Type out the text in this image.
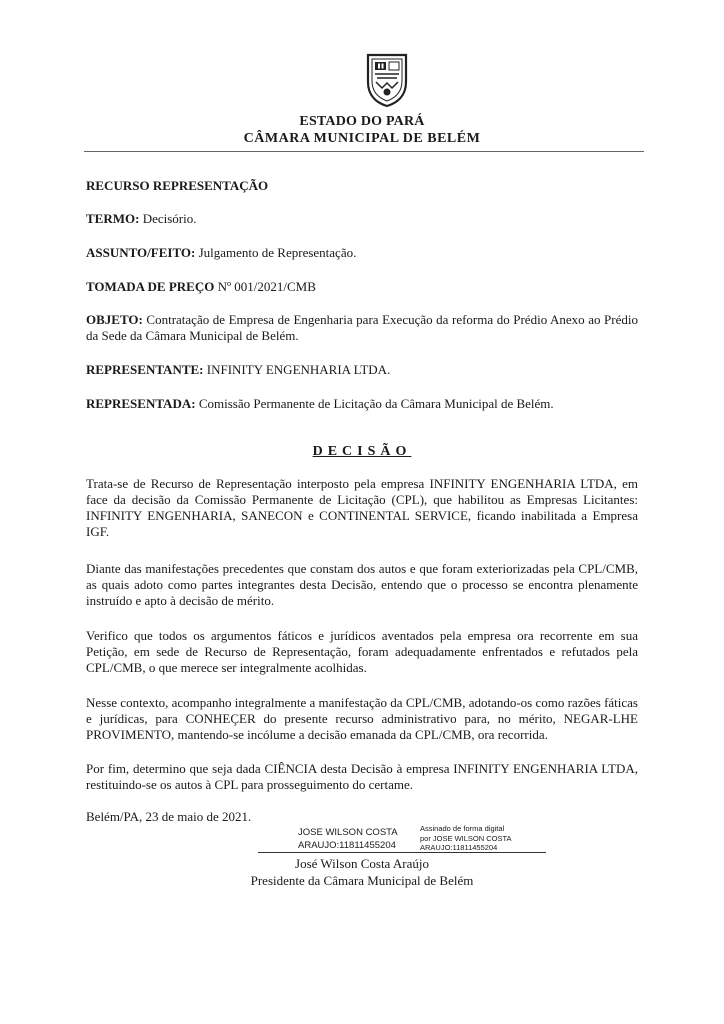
ESTADO DO PARÁ
CÂMARA MUNICIPAL DE BELÉM
RECURSO REPRESENTAÇÃO
TERMO: Decisório.
ASSUNTO/FEITO: Julgamento de Representação.
TOMADA DE PREÇO Nº 001/2021/CMB
OBJETO: Contratação de Empresa de Engenharia para Execução da reforma do Prédio Anexo ao Prédio da Sede da Câmara Municipal de Belém.
REPRESENTANTE: INFINITY ENGENHARIA LTDA.
REPRESENTADA: Comissão Permanente de Licitação da Câmara Municipal de Belém.
DECISÃO
Trata-se de Recurso de Representação interposto pela empresa INFINITY ENGENHARIA LTDA, em face da decisão da Comissão Permanente de Licitação (CPL), que habilitou as Empresas Licitantes: INFINITY ENGENHARIA, SANECON e CONTINENTAL SERVICE, ficando inabilitada a Empresa IGF.
Diante das manifestações precedentes que constam dos autos e que foram exteriorizadas pela CPL/CMB, as quais adoto como partes integrantes desta Decisão, entendo que o processo se encontra plenamente instruído e apto à decisão de mérito.
Verifico que todos os argumentos fáticos e jurídicos aventados pela empresa ora recorrente em sua Petição, em sede de Recurso de Representação, foram adequadamente enfrentados e refutados pela CPL/CMB, o que merece ser integralmente acolhidas.
Nesse contexto, acompanho integralmente a manifestação da CPL/CMB, adotando-os como razões fáticas e jurídicas, para CONHEÇER do presente recurso administrativo para, no mérito, NEGAR-LHE PROVIMENTO, mantendo-se incólume a decisão emanada da CPL/CMB, ora recorrida.
Por fim, determino que seja dada CIÊNCIA desta Decisão à empresa INFINITY ENGENHARIA LTDA, restituindo-se os autos à CPL para prosseguimento do certame.
Belém/PA, 23 de maio de 2021.
JOSE WILSON COSTA
ARAUJO:11811455204
Assinado de forma digital
por JOSE WILSON COSTA
ARAUJO:11811455204
José Wilson Costa Araújo
Presidente da Câmara Municipal de Belém
